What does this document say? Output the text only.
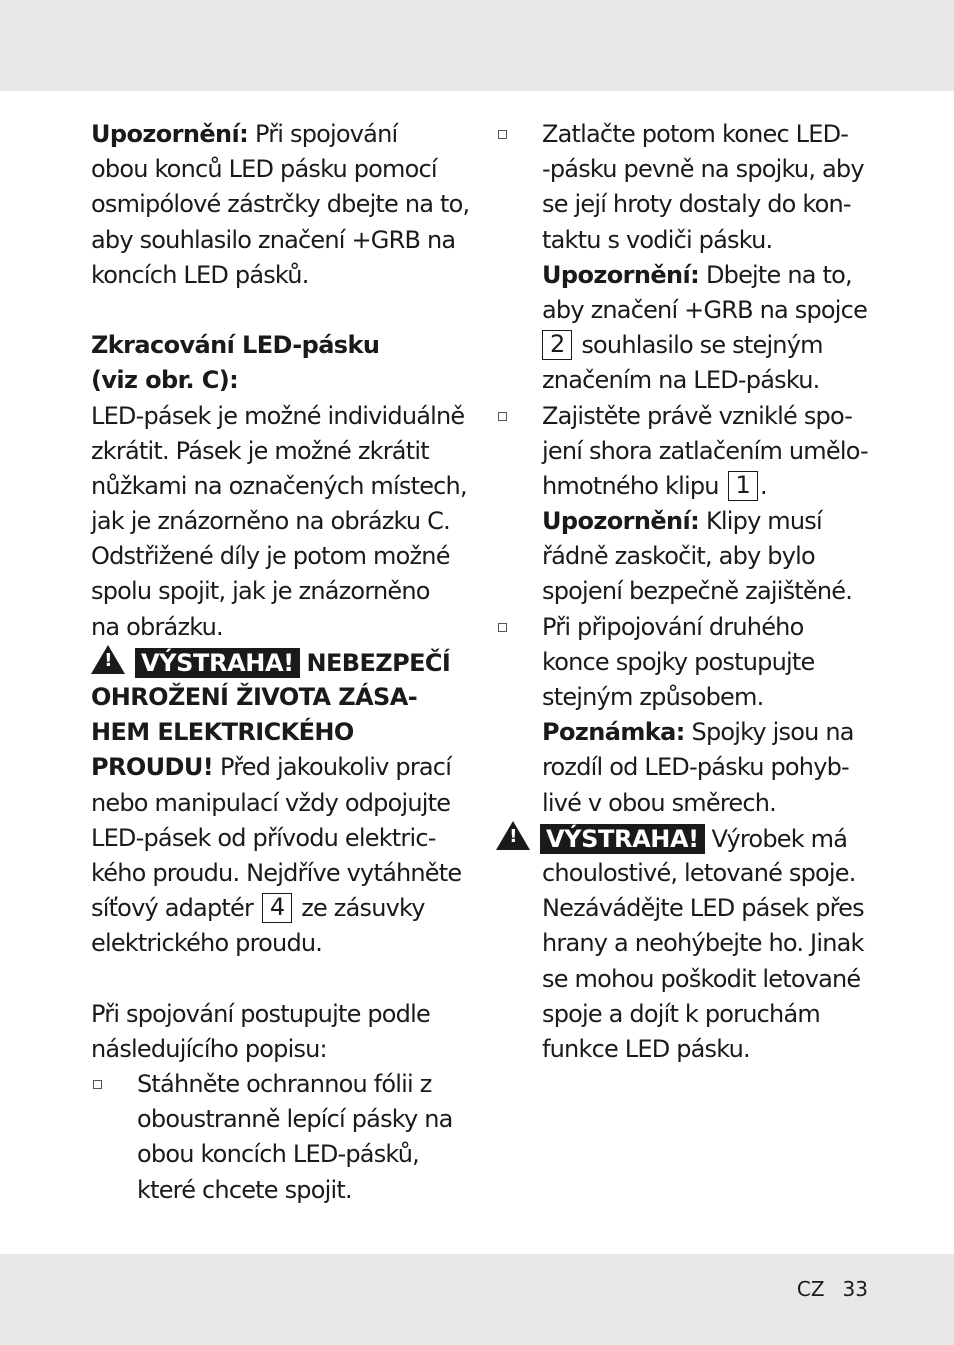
Upozornění: Při spojování
obou konců LED pásku pomocí
osmipólové zástrčky dbejte na to,
aby souhlasilo značení +GRB na
koncích LED pásků.
Zkracování LED-pásku
(viz obr. C):
LED-pásek je možné individuálně
zkrátit. Pásek je možné zkrátit
nůžkami na označených místech,
jak je znázorněno na obrázku C.
Odstřižené díly je potom možné
spolu spojit, jak je znázorněno
na obrázku.
! VÝSTRAHA! NEBEZPEČÍ
OHROŽENÍ ŽIVOTA ZÁSA-
HEM ELEKTRICKÉHO
PROUDU! Před jakoukoliv prací
nebo manipulací vždy odpojujte
LED-pásek od přívodu elektric-
kého proudu. Nejdříve vytáhněte
síťový adaptér 4 ze zásuvky
elektrického proudu.
Při spojování postupujte podle
následujícího popisu:
Stáhněte ochrannou fólii z
oboustranně lepící pásky na
obou koncích LED-pásků,
které chcete spojit.
Zatlačte potom konec LED-
-pásku pevně na spojku, aby
se její hroty dostaly do kon-
taktu s vodiči pásku.
Upozornění: Dbejte na to,
aby značení +GRB na spojce
2 souhlasilo se stejným
značením na LED-pásku.
Zajistěte právě vzniklé spo-
jení shora zatlačením umělo-
hmotného klipu 1 .
Upozornění: Klipy musí
řádně zaskočit, aby bylo
spojení bezpečně zajištěné.
Při připojování druhého
konce spojky postupujte
stejným způsobem.
Poznámka: Spojky jsou na
rozdíl od LED-pásku pohyb-
livé v obou směrech.
! VÝSTRAHA! Výrobek má
choulostivé, letované spoje.
Nezávádějte LED pásek přes
hrany a neohýbejte ho. Jinak
se mohou poškodit letované
spoje a dojít k poruchám
funkce LED pásku.
CZ 33
